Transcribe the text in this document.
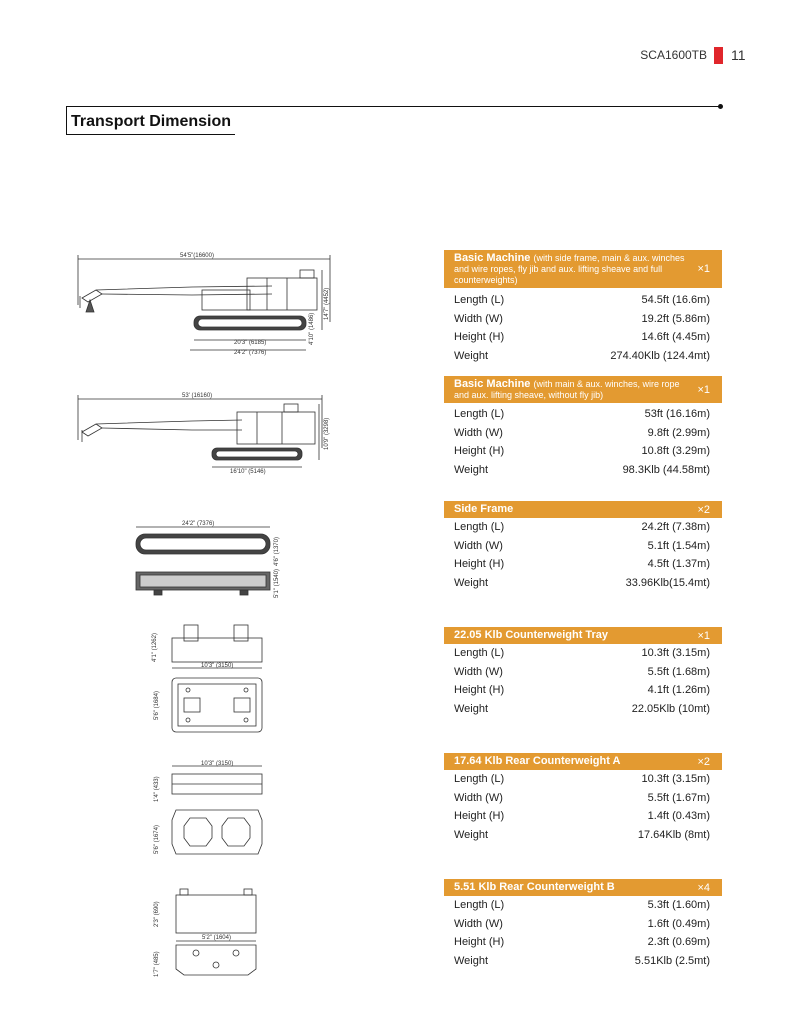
SCA1600TB 11
Transport Dimension
Basic Machine (with side frame, main & aux. winches and wire ropes, fly jib and aux. lifting sheave and full counterweights)
×1
Length (L)	54.5ft (16.6m)
Width (W)	19.2ft (5.86m)
Height (H)	14.6ft (4.45m)
Weight	274.40Klb (124.4mt)
Basic Machine (with main & aux. winches, wire rope and aux. lifting sheave, without fly jib)	×1
Length (L)	53ft (16.16m)
Width (W)	9.8ft (2.99m)
Height (H)	10.8ft (3.29m)
Weight	98.3Klb (44.58mt)
Side Frame	×2
Length (L)	24.2ft (7.38m)
Width (W)	5.1ft (1.54m)
Height (H)	4.5ft (1.37m)
Weight	33.96Klb(15.4mt)
22.05 Klb Counterweight Tray	×1
Length (L)	10.3ft (3.15m)
Width (W)	5.5ft (1.68m)
Height (H)	4.1ft (1.26m)
Weight	22.05Klb (10mt)
17.64 Klb Rear Counterweight A	×2
Length (L)	10.3ft (3.15m)
Width (W)	5.5ft (1.67m)
Height (H)	1.4ft (0.43m)
Weight	17.64Klb (8mt)
5.51 Klb Rear Counterweight B	×4
Length (L)	5.3ft (1.60m)
Width (W)	1.6ft (0.49m)
Height (H)	2.3ft (0.69m)
Weight	5.51Klb (2.5mt)
54'5"(16600)
20'3" (6185)
24'2" (7376)
14'7" (4452)
4'10" (1486)
53' (16160)
16'10" (5146)
10'9" (3298)
24'2" (7376)
4'6" (1370)
5'1" (1540)
4'1" (1262)
10'3" (3150)
5'6" (1684)
10'3" (3150)
1'4" (433)
5'6" (1674)
2'3" (690)
5'2" (1604)
1'7" (485)
